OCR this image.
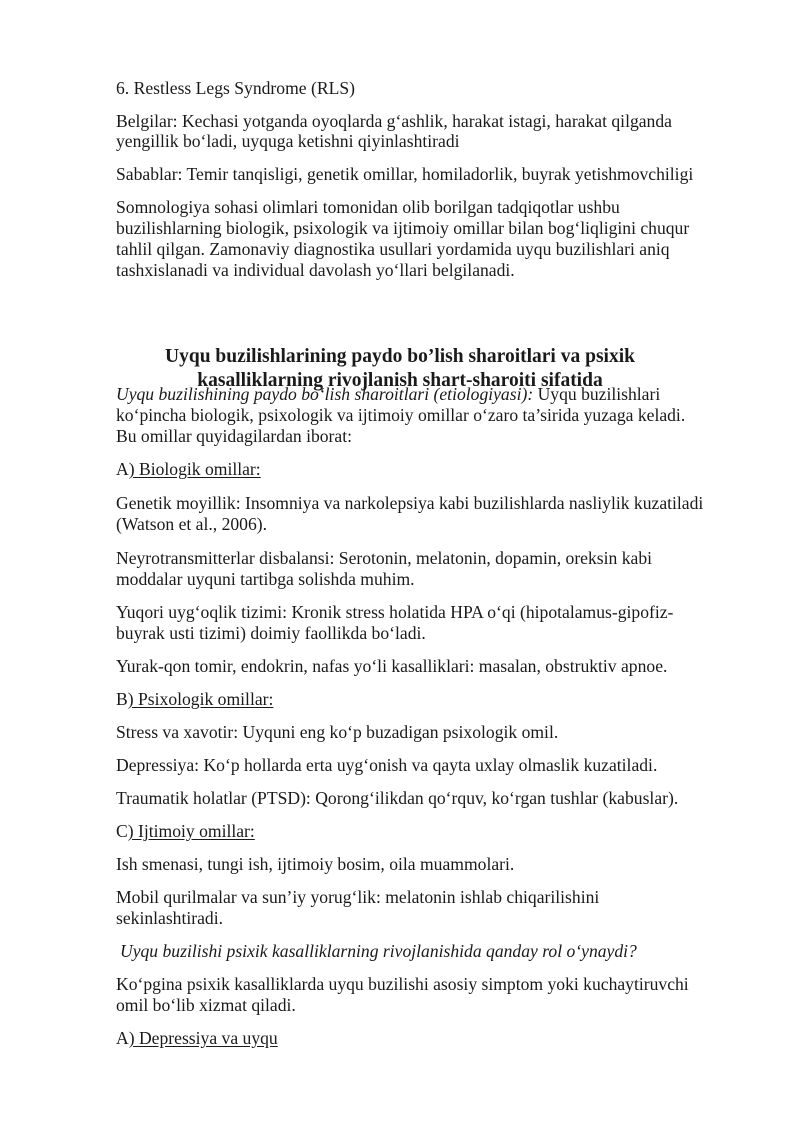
6. Restless Legs Syndrome (RLS)

Belgilar: Kechasi yotganda oyoqlarda g‘ashlik, harakat istagi, harakat qilganda

yengillik bo‘ladi, uyquga ketishni qiyinlashtiradi

Sabablar: Temir tanqisligi, genetik omillar, homiladorlik, buyrak yetishmovchiligi

Somnologiya sohasi olimlari tomonidan olib borilgan tadqiqotlar ushbu

buzilishlarning biologik, psixologik va ijtimoiy omillar bilan bog‘liqligini chuqur

tahlil qilgan. Zamonaviy diagnostika usullari yordamida uyqu buzilishlari aniq

tashxislanadi va individual davolash yo‘llari belgilanadi.

Uyqu buzilishlarining paydo bo’lish sharoitlari va psixik

kasalliklarning rivojlanish shart-sharoiti sifatida

Uyqu buzilishining paydo bo‘lish sharoitlari (etiologiyasi): Uyqu buzilishlari

ko‘pincha biologik, psixologik va ijtimoiy omillar o‘zaro ta’sirida yuzaga keladi.

Bu omillar quyidagilardan iborat:

A) Biologik omillar:

Genetik moyillik: Insomniya va narkolepsiya kabi buzilishlarda nasliylik kuzatiladi

(Watson et al., 2006).

Neyrotransmitterlar disbalansi: Serotonin, melatonin, dopamin, oreksin kabi

moddalar uyquni tartibga solishda muhim.

Yuqori uyg‘oqlik tizimi: Kronik stress holatida HPA o‘qi (hipotalamus-gipofiz-

buyrak usti tizimi) doimiy faollikda bo‘ladi.

Yurak-qon tomir, endokrin, nafas yo‘li kasalliklari: masalan, obstruktiv apnoe.

B) Psixologik omillar:

Stress va xavotir: Uyquni eng ko‘p buzadigan psixologik omil.

Depressiya: Ko‘p hollarda erta uyg‘onish va qayta uxlay olmaslik kuzatiladi.

Traumatik holatlar (PTSD): Qorong‘ilikdan qo‘rquv, ko‘rgan tushlar (kabuslar).

C) Ijtimoiy omillar:

Ish smenasi, tungi ish, ijtimoiy bosim, oila muammolari.

Mobil qurilmalar va sun’iy yorug‘lik: melatonin ishlab chiqarilishini

sekinlashtiradi.

Uyqu buzilishi psixik kasalliklarning rivojlanishida qanday rol o‘ynaydi?

Ko‘pgina psixik kasalliklarda uyqu buzilishi asosiy simptom yoki kuchaytiruvchi

omil bo‘lib xizmat qiladi.

A) Depressiya va uyqu
